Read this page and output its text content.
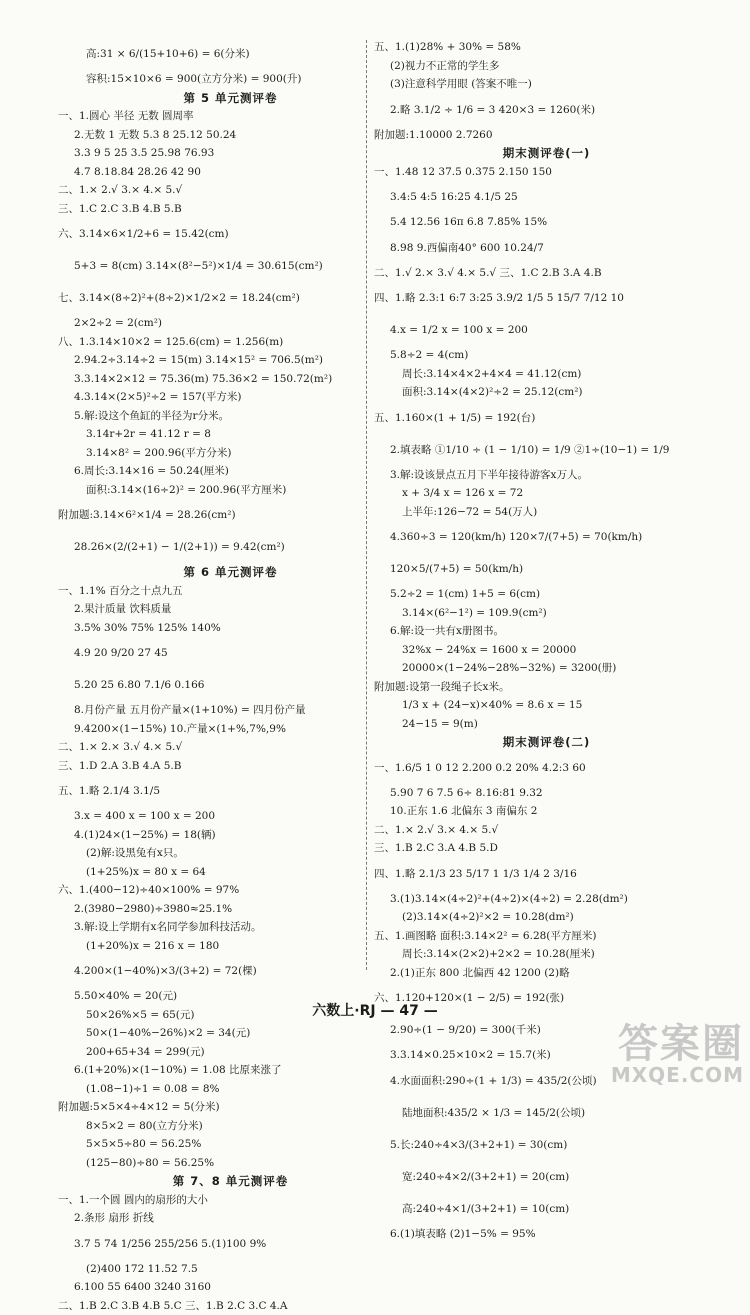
高:31 × 6/(15+10+6) = 6(分米)

容积:15×10×6 = 900(立方分米) = 900(升)

第 5 单元测评卷

一、1.圆心 半径 无数 圆周率

2.无数 1 无数 5.3 8 25.12 50.24

3.3 9 5 25 3.5 25.98 76.93

4.7 8.18.84 28.26 42 90

二、1.× 2.√ 3.× 4.× 5.√

三、1.C 2.C 3.B 4.B 5.B

六、3.14×6×1/2+6 = 15.42(cm)

5+3 = 8(cm) 3.14×(8²−5²)×1/4 = 30.615(cm²)

七、3.14×(8÷2)²+(8÷2)×1/2×2 = 18.24(cm²)

2×2÷2 = 2(cm²)

八、1.3.14×10×2 = 125.6(cm) = 1.256(m)

2.94.2÷3.14÷2 = 15(m) 3.14×15² = 706.5(m²)

3.3.14×2×12 = 75.36(m) 75.36×2 = 150.72(m²)

4.3.14×(2×5)²÷2 = 157(平方米)

5.解:设这个鱼缸的半径为r分米。

3.14r+2r = 41.12 r = 8

3.14×8² = 200.96(平方分米)

6.周长:3.14×16 = 50.24(厘米)

面积:3.14×(16÷2)² = 200.96(平方厘米)

附加题:3.14×6²×1/4 = 28.26(cm²)

28.26×(2/(2+1) − 1/(2+1)) = 9.42(cm²)

第 6 单元测评卷

一、1.1% 百分之十点九五

2.果汁质量 饮料质量

3.5% 30% 75% 125% 140%

4.9 20 9/20 27 45

5.20 25 6.80 7.1/6 0.166

8.月份产量 五月份产量×(1+10%) = 四月份产量

9.4200×(1−15%) 10.产量×(1+%,7%,9%

二、1.× 2.× 3.√ 4.× 5.√

三、1.D 2.A 3.B 4.A 5.B

五、1.略 2.1/4 3.1/5

3.x = 400 x = 100 x = 200

4.(1)24×(1−25%) = 18(辆)

(2)解:设黑兔有x只。

(1+25%)x = 80 x = 64

六、1.(400−12)÷40×100% = 97%

2.(3980−2980)÷3980≈25.1%

3.解:设上学期有x名同学参加科技活动。

(1+20%)x = 216 x = 180

4.200×(1−40%)×3/(3+2) = 72(棵)

5.50×40% = 20(元)

50×26%×5 = 65(元)

50×(1−40%−26%)×2 = 34(元)

200+65+34 = 299(元)

6.(1+20%)×(1−10%) = 1.08 比原来涨了

(1.08−1)÷1 = 0.08 = 8%

附加题:5×5×4÷4×12 = 5(分米)

8×5×2 = 80(立方分米)

5×5×5÷80 = 56.25%

(125−80)÷80 = 56.25%

第 7、8 单元测评卷

一、1.一个圆 圆内的扇形的大小

2.条形 扇形 折线

3.7 5 74 1/256 255/256 5.(1)100 9%

(2)400 172 11.52 7.5

6.100 55 6400 3240 3160

二、1.B 2.C 3.B 4.B 5.C 三、1.B 2.C 3.C 4.A

五、1.(1)28% + 30% = 58%

(2)视力不正常的学生多

(3)注意科学用眼 (答案不唯一)

2.略 3.1/2 ÷ 1/6 = 3 420×3 = 1260(米)

附加题:1.10000 2.7260

期末测评卷(一)

一、1.48 12 37.5 0.375 2.150 150

3.4:5 4:5 16:25 4.1/5 25

5.4 12.56 16π 6.8 7.85% 15%

8.98 9.西偏南40° 600 10.24/7

二、1.√ 2.× 3.√ 4.× 5.√ 三、1.C 2.B 3.A 4.B

四、1.略 2.3:1 6:7 3:25 3.9/2 1/5 5 15/7 7/12 10

4.x = 1/2 x = 100 x = 200

5.8÷2 = 4(cm)

周长:3.14×4×2+4×4 = 41.12(cm)

面积:3.14×(4×2)²÷2 = 25.12(cm²)

五、1.160×(1 + 1/5) = 192(台)

2.填表略 ①1/10 ÷ (1 − 1/10) = 1/9 ②1÷(10−1) = 1/9

3.解:设该景点五月下半年接待游客x万人。

x + 3/4 x = 126 x = 72

上半年:126−72 = 54(万人)

4.360÷3 = 120(km/h) 120×7/(7+5) = 70(km/h)

120×5/(7+5) = 50(km/h)

5.2÷2 = 1(cm) 1+5 = 6(cm)

3.14×(6²−1²) = 109.9(cm²)

6.解:设一共有x册图书。

32%x − 24%x = 1600 x = 20000

20000×(1−24%−28%−32%) = 3200(册)

附加题:设第一段绳子长x米。

1/3 x + (24−x)×40% = 8.6 x = 15

24−15 = 9(m)

期末测评卷(二)

一、1.6/5 1 0 12 2.200 0.2 20% 4.2:3 60

5.90 7 6 7.5 6÷ 8.16:81 9.32

10.正东 1.6 北偏东 3 南偏东 2

二、1.× 2.√ 3.× 4.× 5.√

三、1.B 2.C 3.A 4.B 5.D

四、1.略 2.1/3 23 5/17 1 1/3 1/4 2 3/16

3.(1)3.14×(4÷2)²+(4÷2)×(4÷2) = 2.28(dm²)

(2)3.14×(4÷2)²×2 = 10.28(dm²)

五、1.画图略 面积:3.14×2² = 6.28(平方厘米)

周长:3.14×(2×2)+2×2 = 10.28(厘米)

2.(1)正东 800 北偏西 42 1200 (2)略

六、1.120+120×(1 − 2/5) = 192(张)

2.90÷(1 − 9/20) = 300(千米)

3.3.14×0.25×10×2 = 15.7(米)

4.水面面积:290÷(1 + 1/3) = 435/2(公顷)

陆地面积:435/2 × 1/3 = 145/2(公顷)

5.长:240÷4×3/(3+2+1) = 30(cm)

宽:240÷4×2/(3+2+1) = 20(cm)

高:240÷4×1/(3+2+1) = 10(cm)

6.(1)填表略 (2)1−5% = 95%

六数上·RJ — 47 —
答案圈
MXQE.COM
